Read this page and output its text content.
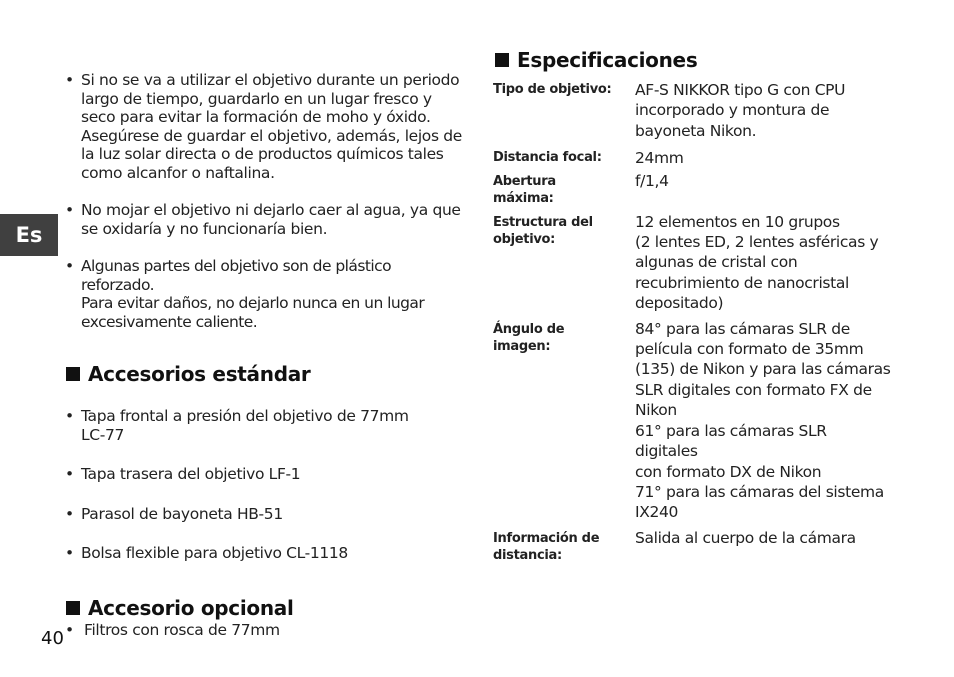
Es

• Si no se va a utilizar el objetivo durante un periodo
largo de tiempo, guardarlo en un lugar fresco y
seco para evitar la formación de moho y óxido.
Asegúrese de guardar el objetivo, además, lejos de
la luz solar directa o de productos químicos tales
como alcanfor o naftalina.

• No mojar el objetivo ni dejarlo caer al agua, ya que
se oxidaría y no funcionaría bien.

• Algunas partes del objetivo son de plástico reforzado.
Para evitar daños, no dejarlo nunca en un lugar
excesivamente caliente.

Accesorios estándar

• Tapa frontal a presión del objetivo de 77mm
LC-77

• Tapa trasera del objetivo LF-1

• Parasol de bayoneta HB-51

• Bolsa flexible para objetivo CL-1118

Accesorio opcional
• Filtros con rosca de 77mm
Especificaciones
Tipo de objetivo:	AF-S NIKKOR tipo G con CPU
incorporado y montura de
bayoneta Nikon.
Distancia focal:	24mm
Abertura
máxima:
f/1,4
Estructura del
objetivo:
12 elementos en 10 grupos
(2 lentes ED, 2 lentes asféricas y
algunas de cristal con
recubrimiento de nanocristal
depositado)
Ángulo de
imagen:
84° para las cámaras SLR de
película con formato de 35mm
(135) de Nikon y para las cámaras
SLR digitales con formato FX de
Nikon
61° para las cámaras SLR digitales
con formato DX de Nikon
71° para las cámaras del sistema
IX240
Información de
distancia:
Salida al cuerpo de la cámara
40
